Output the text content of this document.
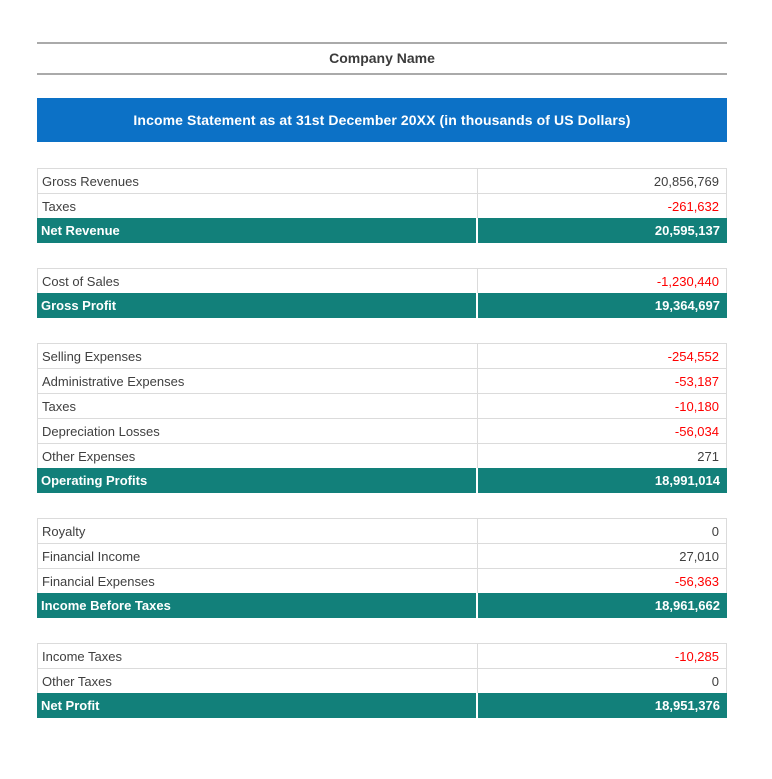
Company Name
Income Statement as at 31st December 20XX (in thousands of US Dollars)
Gross Revenues	20,856,769
Taxes	-261,632
Net Revenue	20,595,137
Cost of Sales	-1,230,440
Gross Profit	19,364,697
Selling Expenses	-254,552
Administrative Expenses	-53,187
Taxes	-10,180
Depreciation Losses	-56,034
Other Expenses	271
Operating Profits	18,991,014
Royalty	0
Financial Income	27,010
Financial Expenses	-56,363
Income Before Taxes	18,961,662
Income Taxes	-10,285
Other Taxes	0
Net Profit	18,951,376
